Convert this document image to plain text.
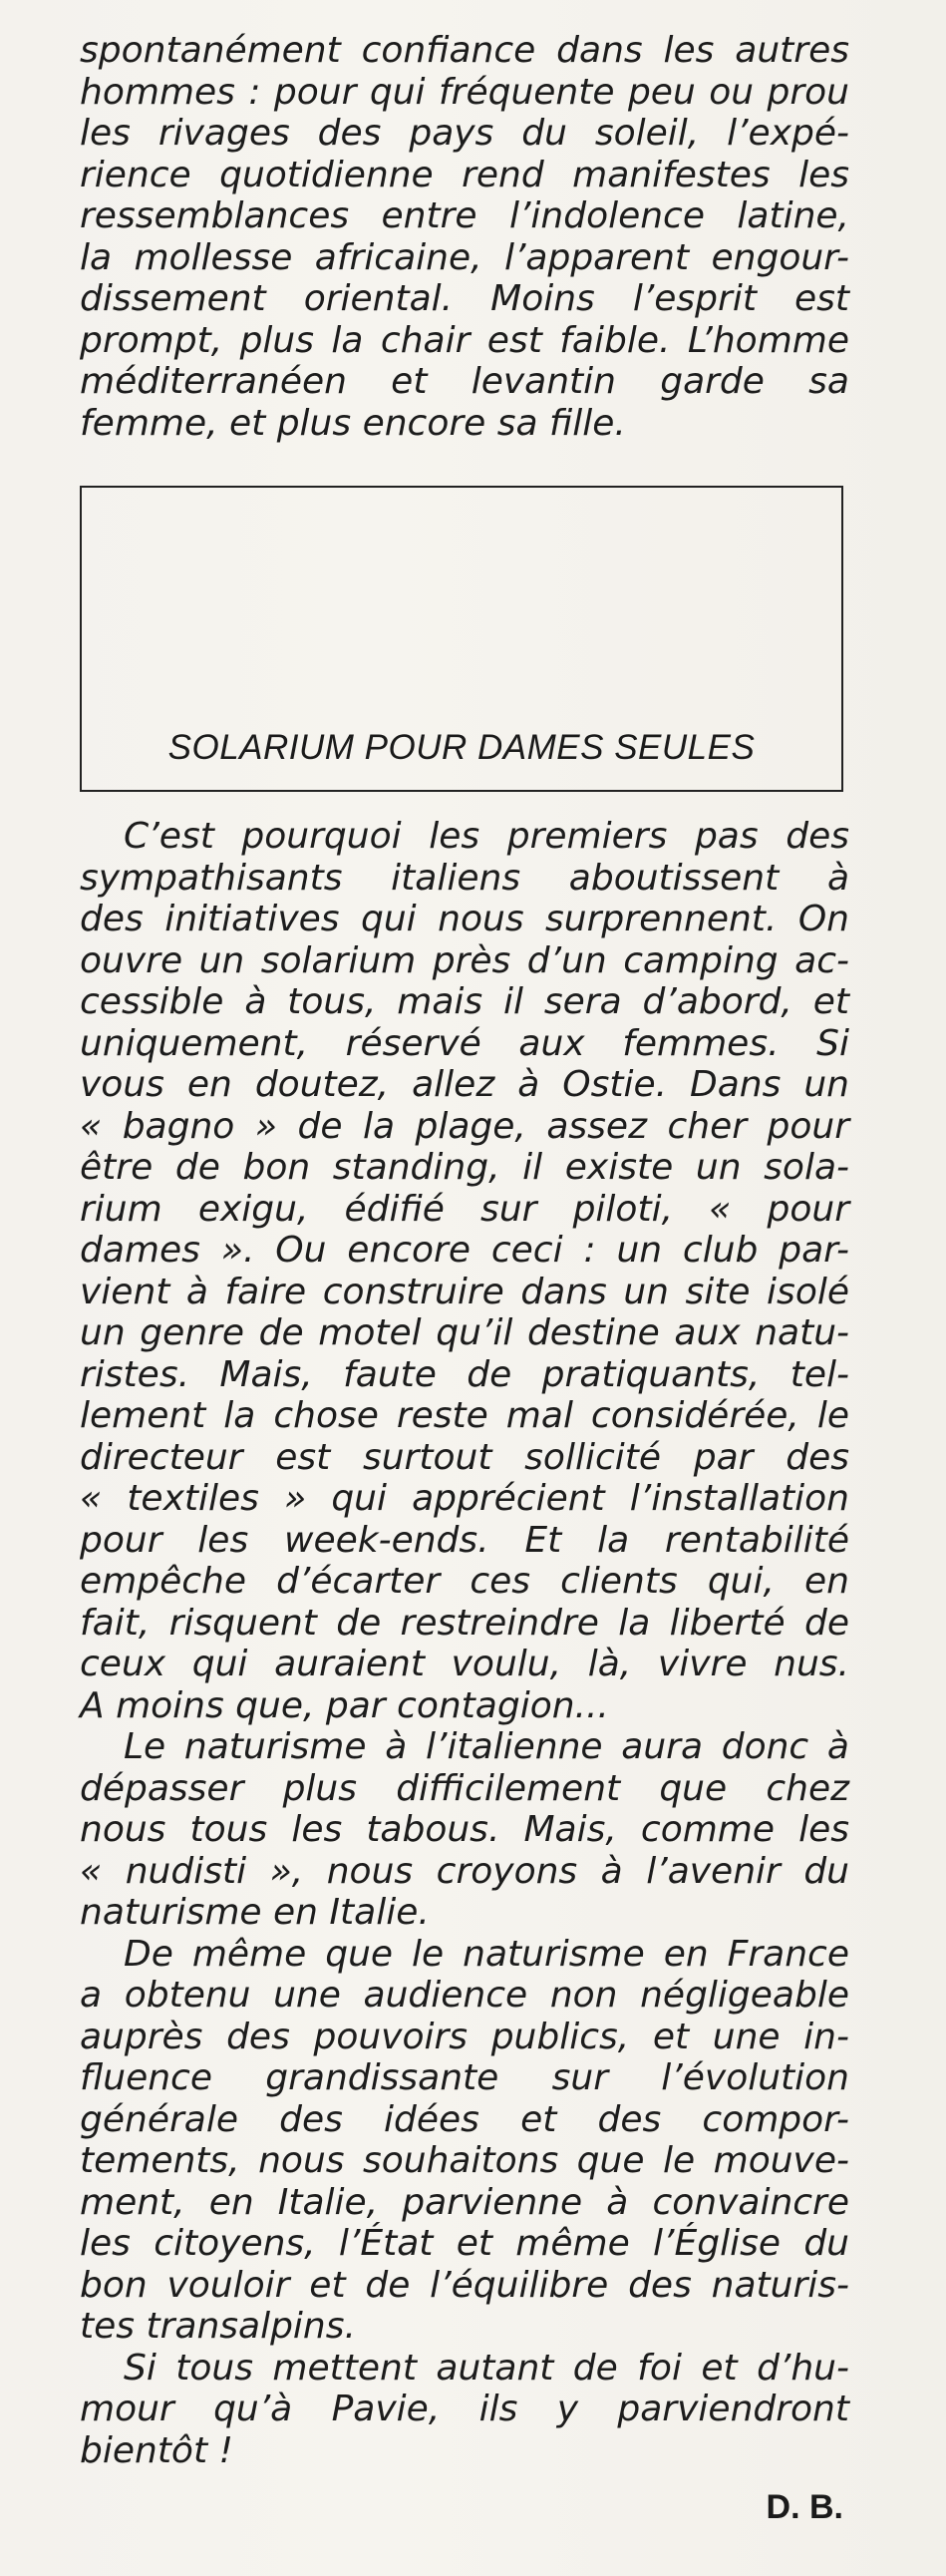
spontanément confiance dans les autres
hommes : pour qui fréquente peu ou prou
les rivages des pays du soleil, l’expé-
rience quotidienne rend manifestes les
ressemblances entre l’indolence latine,
la mollesse africaine, l’apparent engour-
dissement oriental. Moins l’esprit est
prompt, plus la chair est faible. L’homme
méditerranéen et levantin garde sa
femme, et plus encore sa fille.
SOLARIUM POUR DAMES SEULES
C’est pourquoi les premiers pas des
sympathisants italiens aboutissent à
des initiatives qui nous surprennent. On
ouvre un solarium près d’un camping ac-
cessible à tous, mais il sera d’abord, et
uniquement, réservé aux femmes. Si
vous en doutez, allez à Ostie. Dans un
« bagno » de la plage, assez cher pour
être de bon standing, il existe un sola-
rium exigu, édifié sur piloti, « pour
dames ». Ou encore ceci : un club par-
vient à faire construire dans un site isolé
un genre de motel qu’il destine aux natu-
ristes. Mais, faute de pratiquants, tel-
lement la chose reste mal considérée, le
directeur est surtout sollicité par des
« textiles » qui apprécient l’installation
pour les week-ends. Et la rentabilité
empêche d’écarter ces clients qui, en
fait, risquent de restreindre la liberté de
ceux qui auraient voulu, là, vivre nus.
A moins que, par contagion...
Le naturisme à l’italienne aura donc à
dépasser plus difficilement que chez
nous tous les tabous. Mais, comme les
« nudisti », nous croyons à l’avenir du
naturisme en Italie.
De même que le naturisme en France
a obtenu une audience non négligeable
auprès des pouvoirs publics, et une in-
fluence grandissante sur l’évolution
générale des idées et des compor-
tements, nous souhaitons que le mouve-
ment, en Italie, parvienne à convaincre
les citoyens, l’État et même l’Église du
bon vouloir et de l’équilibre des naturis-
tes transalpins.
Si tous mettent autant de foi et d’hu-
mour qu’à Pavie, ils y parviendront
bientôt !
D. B.
